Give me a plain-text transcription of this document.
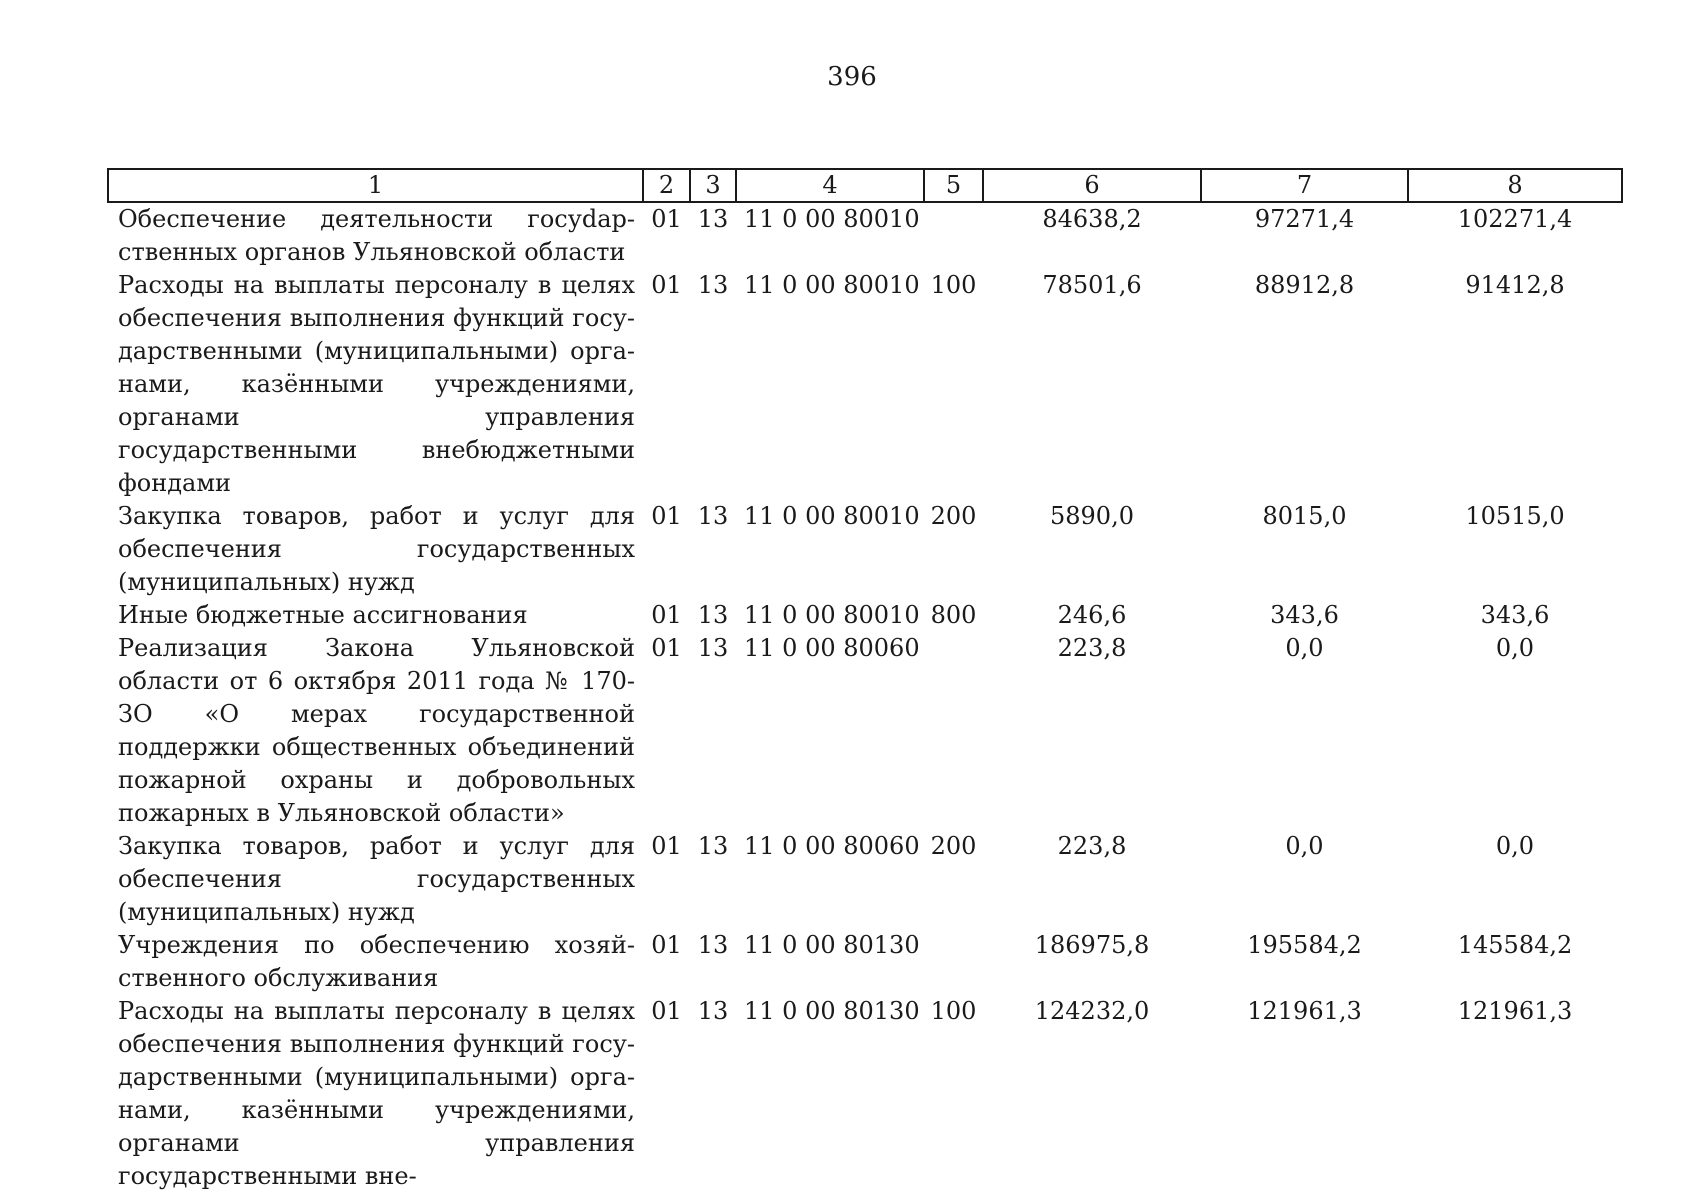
396
1	2	3	4	5	6	7	8
Обеспечение деятельности госуdарственных органов Ульяновской области	01	13	11 0 00 80010		84638,2	97271,4	102271,4
Расходы на выплаты персоналу в целях обеспечения выполнения функций государственными (муниципальными) органами, казёнными учреждениями, органами управления государственными внебюджетными фондами	01	13	11 0 00 80010	100	78501,6	88912,8	91412,8
Закупка товаров, работ и услуг для обеспечения государственных (муниципальных) нужд	01	13	11 0 00 80010	200	5890,0	8015,0	10515,0
Иные бюджетные ассигнования	01	13	11 0 00 80010	800	246,6	343,6	343,6
Реализация Закона Ульяновской области от 6 октября 2011 года № 170-ЗО «О мерах государственной поддержки общественных объединений пожарной охраны и добровольных пожарных в Ульяновской области»	01	13	11 0 00 80060		223,8	0,0	0,0
Закупка товаров, работ и услуг для обеспечения государственных (муниципальных) нужд	01	13	11 0 00 80060	200	223,8	0,0	0,0
Учреждения по обеспечению хозяйственного обслуживания	01	13	11 0 00 80130		186975,8	195584,2	145584,2
Расходы на выплаты персоналу в целях обеспечения выполнения функций государственными (муниципальными) органами, казёнными учреждениями, органами управления государственными вне-	01	13	11 0 00 80130	100	124232,0	121961,3	121961,3
